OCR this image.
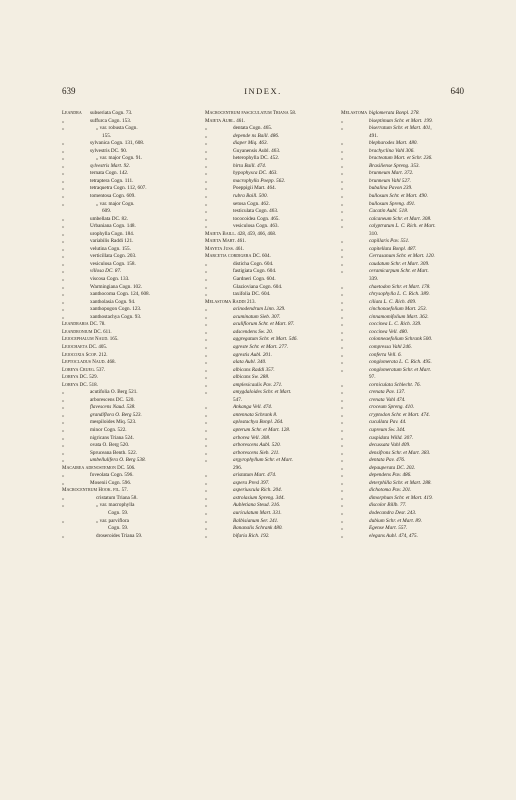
639	INDEX.	640
Leandra subseriata Cogn. 73.
„	suffurca Cogn. 153.
„	„ var. robusta Cogn.
155.
„	sylvanica Cogn. 131, 608.
„	sylvestris DC. 90.
„	„ var. major Cogn. 91.
„	sylvestris Mart. 92.
„	ternata Cogn. 142.
„	tetraptera Cogn. 111.
„	tetraquetra Cogn. 112, 607.
„	tomentosa Cogn. 609.
„	„ var. major Cogn.
609.
„	umbellata DC. 82.
„	Urbaniana Cogn. 148.
„	urophylla Cogn. 184.
„	variabilis Raddi 121.
„	velutina Cogn. 155.
„	verticillata Cogn. 203.
„	vesiculosa Cogn. 158.
„	villosa DC. 87.
„	viscosa Cogn. 133.
„	Warmingiana Cogn. 102.
„	xanthocoma Cogn. 124, 608.
„	xantholasia Cogn. 94.
„	xanthopogon Cogn. 123.
„	xanthostachya Cogn. 93.
Leandraria DC. 78.
Leandronium DC. 611.
Leiocephalum Naud. 165.
Leiochaeta DC. 405.
Leiocoxia Scop. 212.
Leptocladus Naud. 468.
Loreya Crueg. 537.
Loreya DC. 529.
Loreya DC. 518.
„	acutifolia O. Berg 521.
„	arborescens DC. 520.
„	flavescens Naud. 538.
„	grandiflora O. Berg 523.
„	mespiloides Miq. 523.
„	minor Cogn. 522.
„	nigricans Triana 524.
„	ovata O. Berg 520.
„	Spruceana Benth. 522.
„	umbellulifera O. Berg 538.
Macairea adenostemon DC. 506.
„	foveolata Cogn. 596.
„	Mosenii Cogn. 596.
Macrocentrum Hook. fil. 57.
„	cristatum Triana 58.
„	„ var. macrophylla
Cogn. 59.
„	„ var. parviflora
Cogn. 59.
„	droseroides Triana 59.
Macrocentrum fasciculatum Triana 58.
Maieta Aubl. 461.
„	dentata Cogn. 465.
„	depende ns Baill. 486.
„	diaper Miq. 463.
„	Guyanensis Aubl. 463.
„	heterophylla DC. 452.
„	hirta Baill. 474.
„	hypophysca DC. 463.
„	macrophylla Poepp. 562.
„	Poeppigii Mart. 464.
„	rubra Baill. 500.
„	setosa Cogn. 462.
„	testiculata Cogn. 463.
„	tococoidea Cogn. 465.
„	vesiculosa Cogn. 463.
Maieta Baill. 428, 459, 466, 468.
Maieta Mart. 461.
Mayeta Juss. 461.
Marcetia cordigera DC. 604.
„	disticha Cogn. 604.
„	fastigiata Cogn. 604.
„	Gardneri Cogn. 604.
„	Glazioviana Cogn. 604.
„	taxifolia DC. 604.
Melastoma Raddi 213.
„	acinodendrum Linn. 329.
„	acuminatum Sieb. 307.
„	aculiflorum Schr. et Mart. 87.
„	adscendens Sw. 20.
„	aggregatum Schr. et Mart. 546.
„	agreste Schr. et Mart. 277.
„	agrestis Aubl. 201.
„	alata Aubl. 340.
„	albicans Raddi 357.
„	albicans Sw. 288.
„	amplexicaulis Pav. 271.
„	amygdaloides Schr. et Mart.
547.
„	Ankanga Vell. 474.
„	antennata Schrank 8.
„	aplostachya Bonpl. 264.
„	apterum Schr. et Mart. 128.
„	arborea Vell. 308.
„	arborescens Aubl. 520.
„	arborescens Sieb. 211.
„	argyrophyllum Schr. et Mart.
296.
„	aristatum Mart. 474.
„	aspera Presl 397.
„	asperiuscula Rich. 204.
„	astrolasium Spreng. 344.
„	Aubletiana Steud. 316.
„	auriculatum Mart. 331.
„	Balbisianum Ser. 241.
„	Bananalis Schrank 480.
„	bifaria Rich. 192.
Melastoma biglomerata Bonpl. 278.
„	biseptimum Schr. et Mart. 199.
„	biserratum Schr. et Mart. 401,
491.
„	blepharodes Mart. 480.
„	brachyclina Vahl 306.
„	bracteatum Mart. et Schr. 236.
„	Brasiliense Spreng. 353.
„	brunneum Mart. 372.
„	brunneum Vahl 527.
„	bubalina Pavon 239.
„	bullosum Schr. et Mart. 490.
„	bullosum Spreng. 491.
„	Cacatin Aubl. 518.
„	calcaneum Schr. et Mart. 308.
„	calyptratum L. C. Rich. et Mart.
310.
„	capillaris Pav. 551.
„	capitellata Bonpl. 487.
„	Cerrasanum Schr. et Mart. 120.
„	caudatum Schr. et Mart. 309.
„	ceramicarpum Schr. et Mart.
339.
„	chaetodon Schr. et Mart. 178.
„	chrysophylla L. C. Rich. 389.
„	ciliata L. C. Rich. 409.
„	cinchonaefolium Mart. 253.
„	cinnamomifolium Mart. 362.
„	coccinea L. C. Rich. 339.
„	coccinea Vell. 480.
„	colonneaefolium Schrank 500.
„	compressa Vahl 246.
„	conferta Vell. 6.
„	conglomerata L. C. Rich. 495.
„	conglomeratum Schr. et Mart.
97.
„	corniculata Schlecht. 76.
„	crenata Pav. 137.
„	crenata Vahl 474.
„	croceum Spreng. 410.
„	cryptodon Schr. et Mart. 474.
„	cucullata Pav. 44.
„	cupreum Sw. 344.
„	cuspidata Willd. 307.
„	decussata Vahl 409.
„	densifrons Schr. et Mart. 383.
„	dentata Pav. 476.
„	depauperata DC. 202.
„	dependens Pav. 486.
„	deterphilla Schr. et Mart. 288.
„	dichotoma Pav. 201.
„	dimorphum Schr. et Mart. 419.
„	discolor Billb. 77.
„	dodecandra Desr. 243.
„	dubium Schr. et Mart. 89.
„	Egense Mart. 557.
„	elegans Aubl. 474, 475.
